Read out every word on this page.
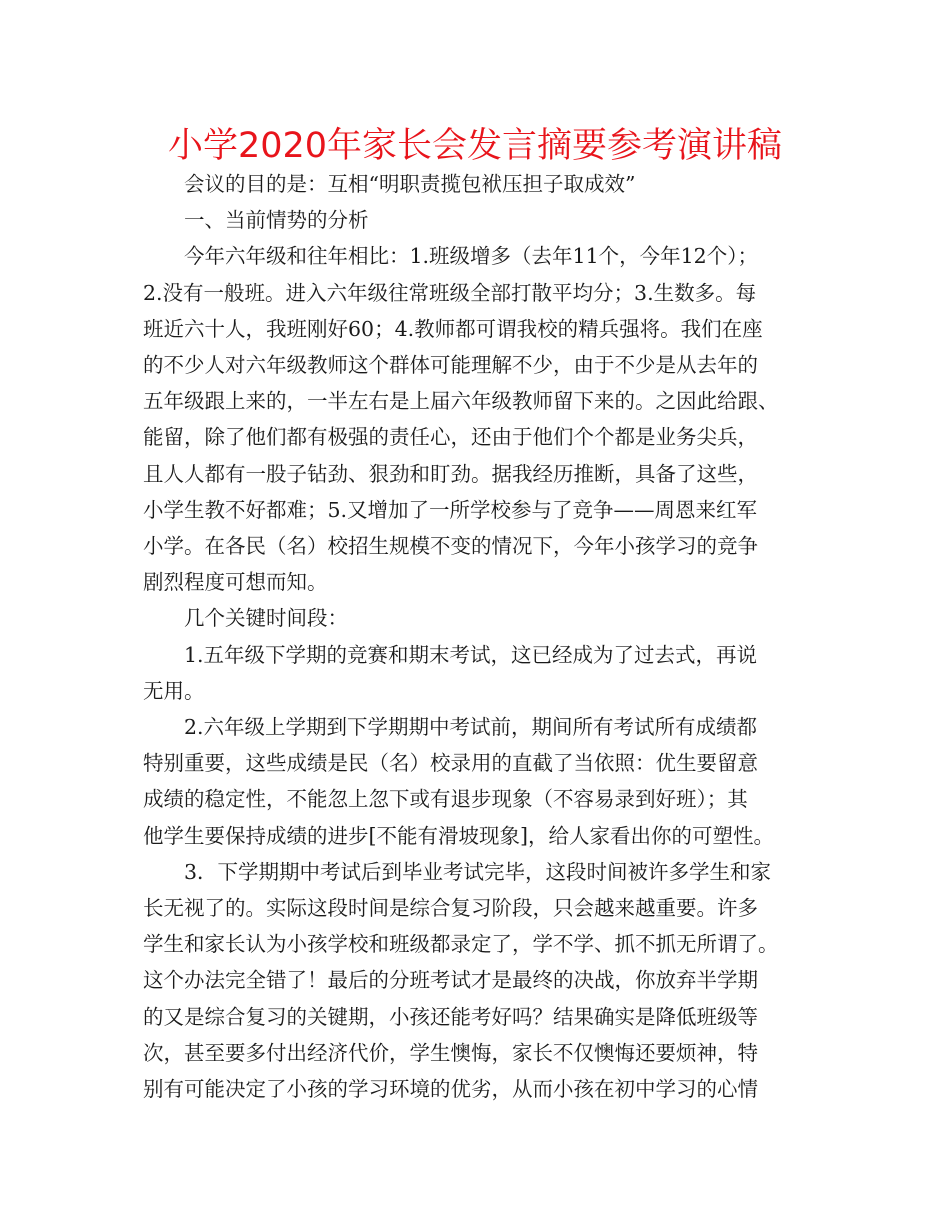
小学2020年家长会发言摘要参考演讲稿

会议的目的是：互相“明职责揽包袱压担子取成效”

一、当前情势的分析

今年六年级和往年相比：1.班级增多（去年11个，今年12个）；
2.没有一般班。进入六年级往常班级全部打散平均分；3.生数多。每
班近六十人，我班刚好60；4.教师都可谓我校的精兵强将。我们在座
的不少人对六年级教师这个群体可能理解不少，由于不少是从去年的
五年级跟上来的，一半左右是上届六年级教师留下来的。之因此给跟、
能留，除了他们都有极强的责任心，还由于他们个个都是业务尖兵，
且人人都有一股子钻劲、狠劲和盯劲。据我经历推断，具备了这些，
小学生教不好都难；5.又增加了一所学校参与了竞争——周恩来红军
小学。在各民（名）校招生规模不变的情况下，今年小孩学习的竞争
剧烈程度可想而知。

几个关键时间段：

1.五年级下学期的竞赛和期末考试，这已经成为了过去式，再说
无用。

2.六年级上学期到下学期期中考试前，期间所有考试所有成绩都
特别重要，这些成绩是民（名）校录用的直截了当依照：优生要留意
成绩的稳定性，不能忽上忽下或有退步现象（不容易录到好班）；其
他学生要保持成绩的进步[不能有滑坡现象]，给人家看出你的可塑性。

3．下学期期中考试后到毕业考试完毕，这段时间被许多学生和家
长无视了的。实际这段时间是综合复习阶段，只会越来越重要。许多
学生和家长认为小孩学校和班级都录定了，学不学、抓不抓无所谓了。
这个办法完全错了！最后的分班考试才是最终的决战，你放弃半学期
的又是综合复习的关键期，小孩还能考好吗？结果确实是降低班级等
次，甚至要多付出经济代价，学生懊悔，家长不仅懊悔还要烦神，特
别有可能决定了小孩的学习环境的优劣，从而小孩在初中学习的心情
